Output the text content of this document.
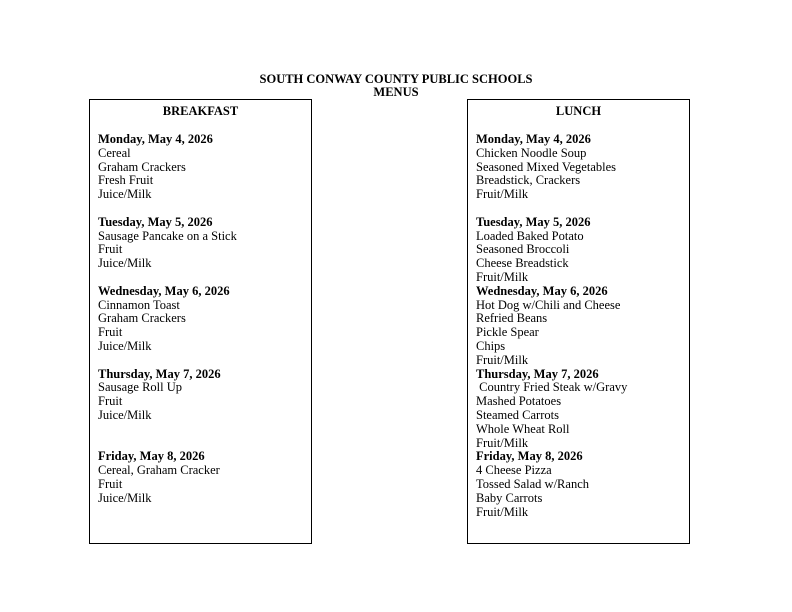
SOUTH CONWAY COUNTY PUBLIC SCHOOLS
MENUS
BREAKFAST
Monday, May 4, 2026
Cereal
Graham Crackers
Fresh Fruit
Juice/Milk
Tuesday, May 5, 2026
Sausage Pancake on a Stick
Fruit
Juice/Milk
Wednesday, May 6, 2026
Cinnamon Toast
Graham Crackers
Fruit
Juice/Milk
Thursday, May 7, 2026
Sausage Roll Up
Fruit
Juice/Milk
Friday, May 8, 2026
Cereal, Graham Cracker
Fruit
Juice/Milk
LUNCH
Monday, May 4, 2026
Chicken Noodle Soup
Seasoned Mixed Vegetables
Breadstick, Crackers
Fruit/Milk
Tuesday, May 5, 2026
Loaded Baked Potato
Seasoned Broccoli
Cheese Breadstick
Fruit/Milk
Wednesday, May 6, 2026
Hot Dog w/Chili and Cheese
Refried Beans
Pickle Spear
Chips
Fruit/Milk
Thursday, May 7, 2026
Country Fried Steak w/Gravy
Mashed Potatoes
Steamed Carrots
Whole Wheat Roll
Fruit/Milk
Friday, May 8, 2026
4 Cheese Pizza
Tossed Salad w/Ranch
Baby Carrots
Fruit/Milk
